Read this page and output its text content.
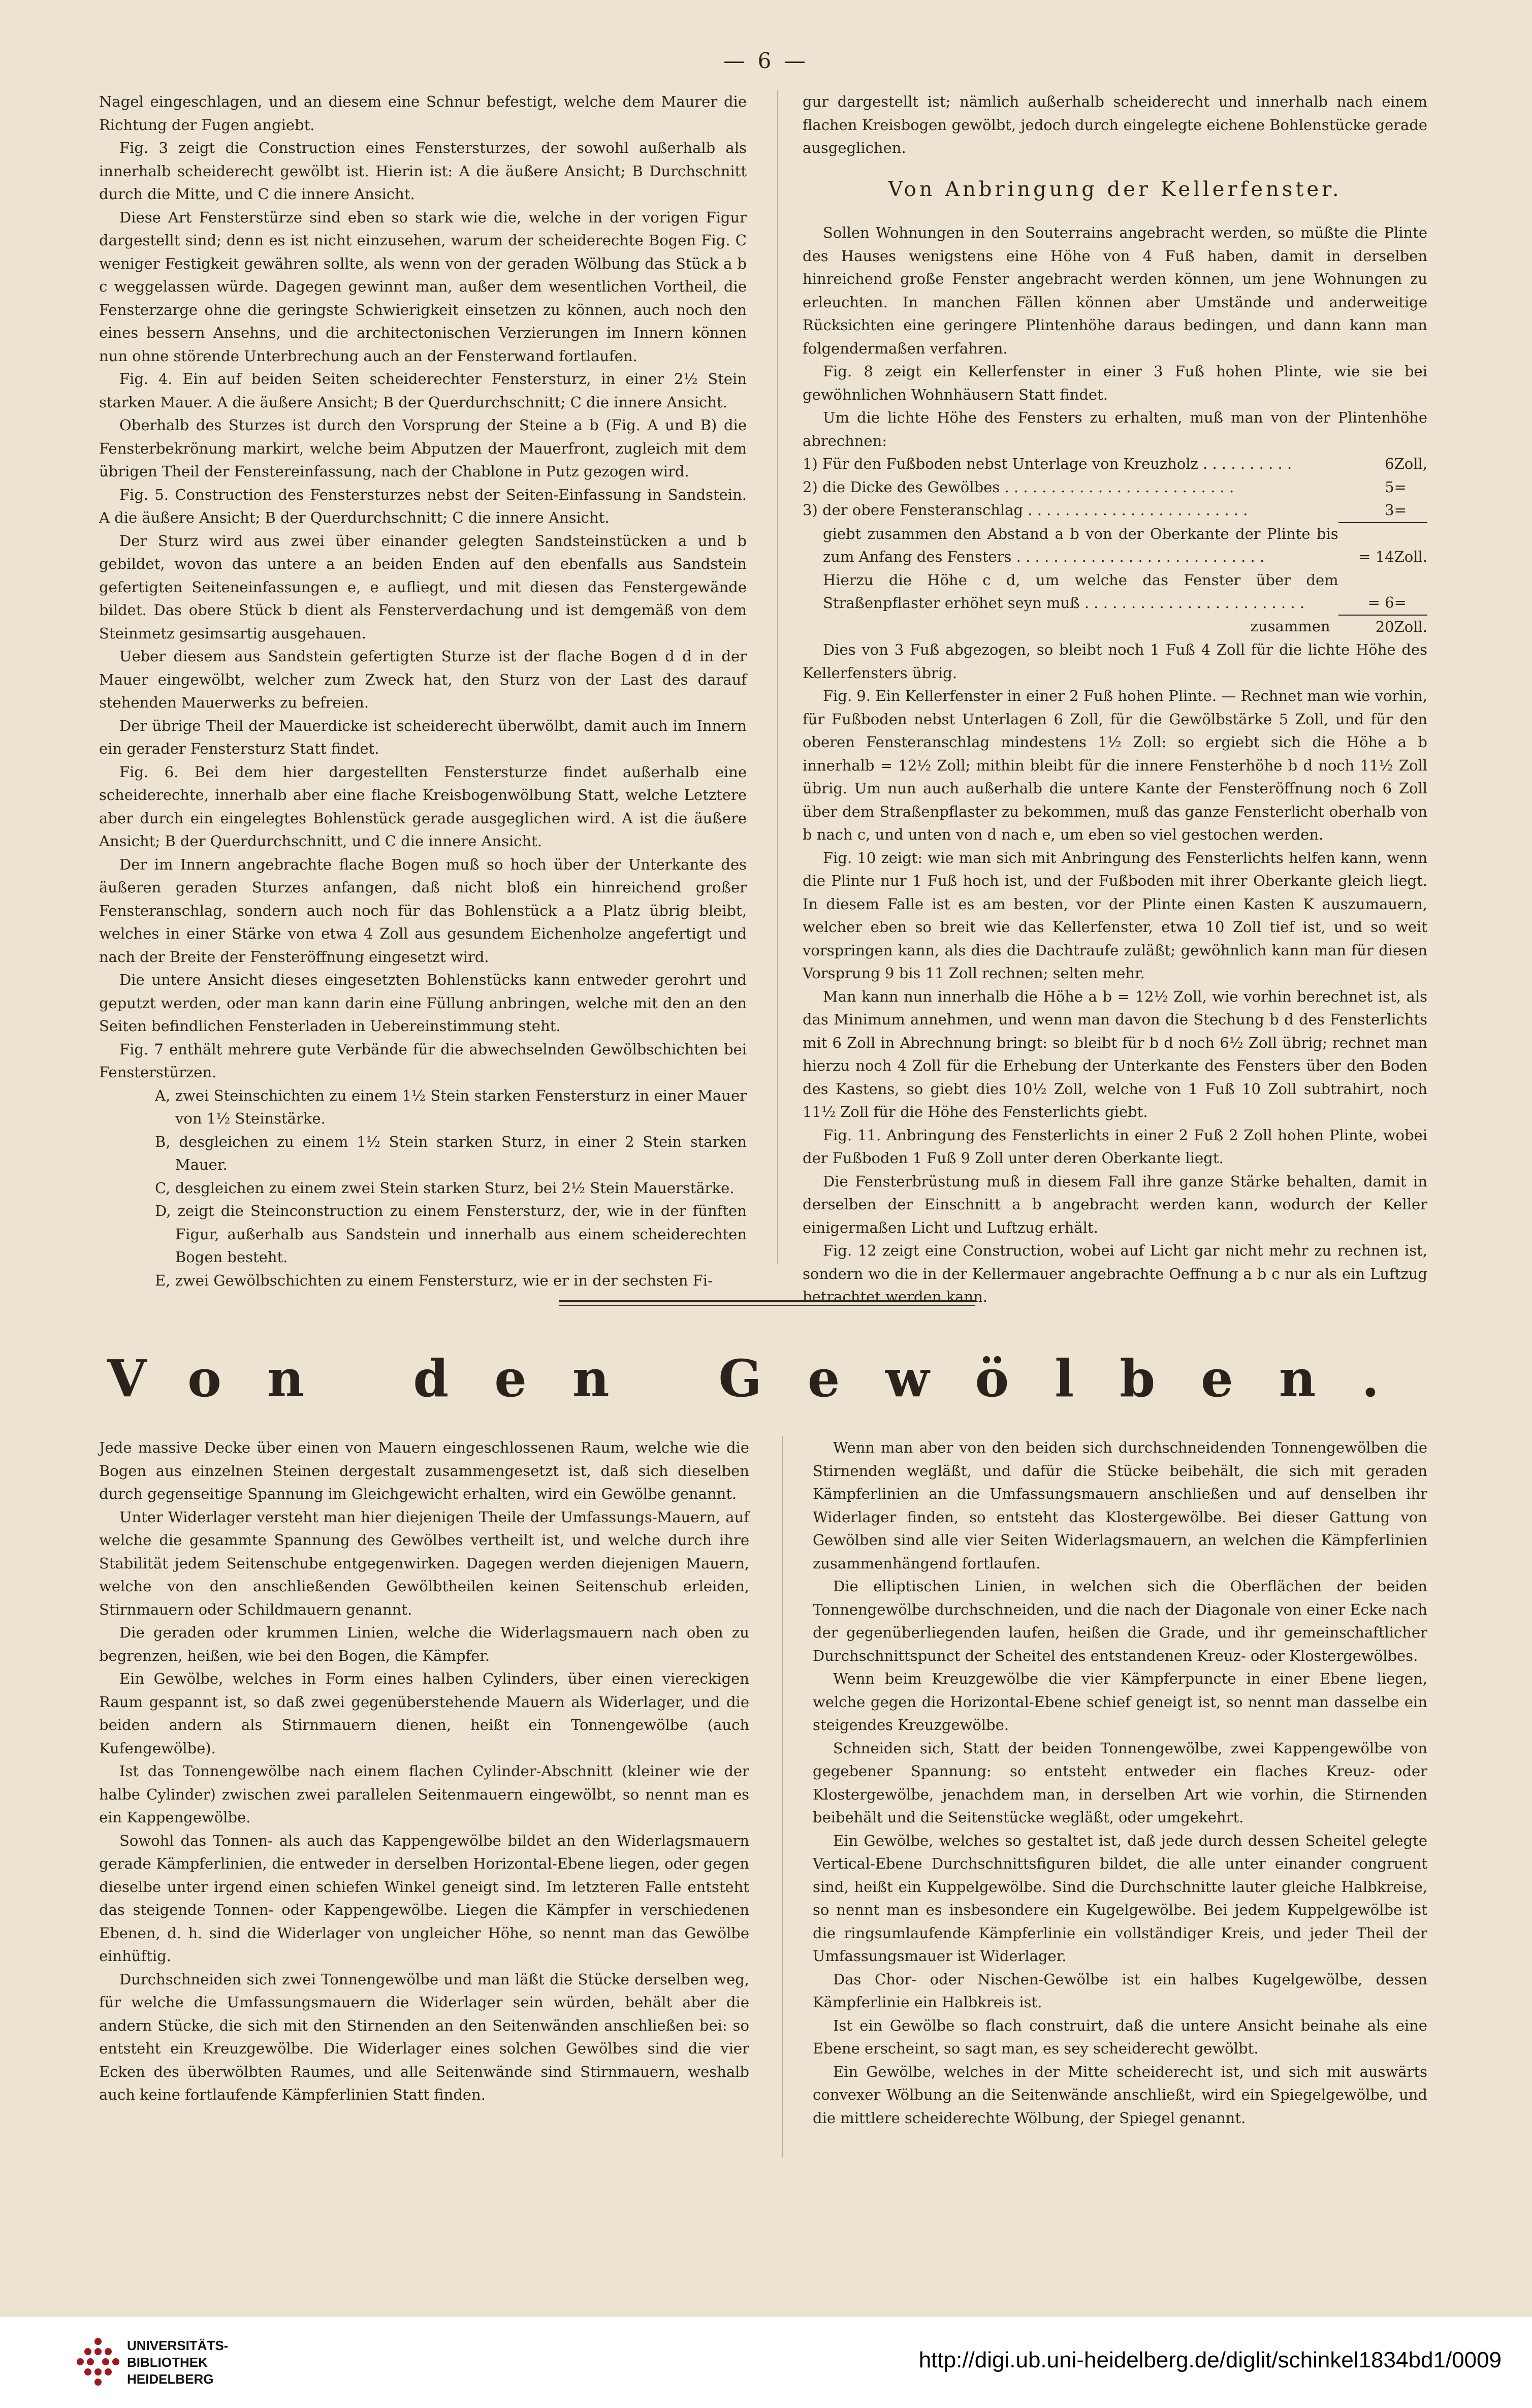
— 6 —

Nagel eingeschlagen, und an diesem eine Schnur befestigt, welche dem Maurer die Richtung der Fugen angiebt.

Fig. 3 zeigt die Construction eines Fenstersturzes, der sowohl außerhalb als innerhalb scheiderecht gewölbt ist. Hierin ist: A die äußere Ansicht; B Durchschnitt durch die Mitte, und C die innere Ansicht.

Diese Art Fensterstürze sind eben so stark wie die, welche in der vorigen Figur dargestellt sind; denn es ist nicht einzusehen, warum der scheiderechte Bogen Fig. C weniger Festigkeit gewähren sollte, als wenn von der geraden Wölbung das Stück a b c weggelassen würde. Dagegen gewinnt man, außer dem wesentlichen Vortheil, die Fensterzarge ohne die geringste Schwierigkeit einsetzen zu können, auch noch den eines bessern Ansehns, und die architectonischen Verzierungen im Innern können nun ohne störende Unterbrechung auch an der Fensterwand fortlaufen.

Fig. 4. Ein auf beiden Seiten scheiderechter Fenstersturz, in einer 2½ Stein starken Mauer. A die äußere Ansicht; B der Querdurchschnitt; C die innere Ansicht.

Oberhalb des Sturzes ist durch den Vorsprung der Steine a b (Fig. A und B) die Fensterbekrönung markirt, welche beim Abputzen der Mauerfront, zugleich mit dem übrigen Theil der Fenstereinfassung, nach der Chablone in Putz gezogen wird.

Fig. 5. Construction des Fenstersturzes nebst der Seiten-Einfassung in Sandstein. A die äußere Ansicht; B der Querdurchschnitt; C die innere Ansicht.

Der Sturz wird aus zwei über einander gelegten Sandsteinstücken a und b gebildet, wovon das untere a an beiden Enden auf den ebenfalls aus Sandstein gefertigten Seiteneinfassungen e, e aufliegt, und mit diesen das Fenstergewände bildet. Das obere Stück b dient als Fensterverdachung und ist demgemäß von dem Steinmetz gesimsartig ausgehauen.

Ueber diesem aus Sandstein gefertigten Sturze ist der flache Bogen d d in der Mauer eingewölbt, welcher zum Zweck hat, den Sturz von der Last des darauf stehenden Mauerwerks zu befreien.

Der übrige Theil der Mauerdicke ist scheiderecht überwölbt, damit auch im Innern ein gerader Fenstersturz Statt findet.

Fig. 6. Bei dem hier dargestellten Fenstersturze findet außerhalb eine scheiderechte, innerhalb aber eine flache Kreisbogenwölbung Statt, welche Letztere aber durch ein eingelegtes Bohlenstück gerade ausgeglichen wird. A ist die äußere Ansicht; B der Querdurchschnitt, und C die innere Ansicht.

Der im Innern angebrachte flache Bogen muß so hoch über der Unterkante des äußeren geraden Sturzes anfangen, daß nicht bloß ein hinreichend großer Fensteranschlag, sondern auch noch für das Bohlenstück a a Platz übrig bleibt, welches in einer Stärke von etwa 4 Zoll aus gesundem Eichenholze angefertigt und nach der Breite der Fensteröffnung eingesetzt wird.

Die untere Ansicht dieses eingesetzten Bohlenstücks kann entweder gerohrt und geputzt werden, oder man kann darin eine Füllung anbringen, welche mit den an den Seiten befindlichen Fensterladen in Uebereinstimmung steht.

Fig. 7 enthält mehrere gute Verbände für die abwechselnden Gewölbschichten bei Fensterstürzen.

A, zwei Steinschichten zu einem 1½ Stein starken Fenstersturz in einer Mauer von 1½ Steinstärke.

B, desgleichen zu einem 1½ Stein starken Sturz, in einer 2 Stein starken Mauer.

C, desgleichen zu einem zwei Stein starken Sturz, bei 2½ Stein Mauerstärke.

D, zeigt die Steinconstruction zu einem Fenstersturz, der, wie in der fünften Figur, außerhalb aus Sandstein und innerhalb aus einem scheiderechten Bogen besteht.

E, zwei Gewölbschichten zu einem Fenstersturz, wie er in der sechsten Fi-

gur dargestellt ist; nämlich außerhalb scheiderecht und innerhalb nach einem flachen Kreisbogen gewölbt, jedoch durch eingelegte eichene Bohlenstücke gerade ausgeglichen.

Von Anbringung der Kellerfenster.

Sollen Wohnungen in den Souterrains angebracht werden, so müßte die Plinte des Hauses wenigstens eine Höhe von 4 Fuß haben, damit in derselben hinreichend große Fenster angebracht werden können, um jene Wohnungen zu erleuchten. In manchen Fällen können aber Umstände und anderweitige Rücksichten eine geringere Plintenhöhe daraus bedingen, und dann kann man folgendermaßen verfahren.

Fig. 8 zeigt ein Kellerfenster in einer 3 Fuß hohen Plinte, wie sie bei gewöhnlichen Wohnhäusern Statt findet.

Um die lichte Höhe des Fensters zu erhalten, muß man von der Plintenhöhe abrechnen:

1) Für den Fußboden nebst Unterlage von Kreuzholz . . . . . . . . . .	6	Zoll,
2) die Dicke des Gewölbes . . . . . . . . . . . . . . . . . . . . . . . . .	5	=
3) der obere Fensteranschlag . . . . . . . . . . . . . . . . . . . . . . . .	3	=
giebt zusammen den Abstand a b von der Oberkante der Plinte bis zum Anfang des Fensters . . . . . . . . . . . . . . . . . . . . . . . . . . .	= 14	Zoll.
Hierzu die Höhe c d, um welche das Fenster über dem Straßenpflaster erhöhet seyn muß . . . . . . . . . . . . . . . . . . . . . . . .	= 6	=
zusammen	20	Zoll.

Dies von 3 Fuß abgezogen, so bleibt noch 1 Fuß 4 Zoll für die lichte Höhe des Kellerfensters übrig.

Fig. 9. Ein Kellerfenster in einer 2 Fuß hohen Plinte. — Rechnet man wie vorhin, für Fußboden nebst Unterlagen 6 Zoll, für die Gewölbstärke 5 Zoll, und für den oberen Fensteranschlag mindestens 1½ Zoll: so ergiebt sich die Höhe a b innerhalb = 12½ Zoll; mithin bleibt für die innere Fensterhöhe b d noch 11½ Zoll übrig. Um nun auch außerhalb die untere Kante der Fensteröffnung noch 6 Zoll über dem Straßenpflaster zu bekommen, muß das ganze Fensterlicht oberhalb von b nach c, und unten von d nach e, um eben so viel gestochen werden.

Fig. 10 zeigt: wie man sich mit Anbringung des Fensterlichts helfen kann, wenn die Plinte nur 1 Fuß hoch ist, und der Fußboden mit ihrer Oberkante gleich liegt. In diesem Falle ist es am besten, vor der Plinte einen Kasten K auszumauern, welcher eben so breit wie das Kellerfenster, etwa 10 Zoll tief ist, und so weit vorspringen kann, als dies die Dachtraufe zuläßt; gewöhnlich kann man für diesen Vorsprung 9 bis 11 Zoll rechnen; selten mehr.

Man kann nun innerhalb die Höhe a b = 12½ Zoll, wie vorhin berechnet ist, als das Minimum annehmen, und wenn man davon die Stechung b d des Fensterlichts mit 6 Zoll in Abrechnung bringt: so bleibt für b d noch 6½ Zoll übrig; rechnet man hierzu noch 4 Zoll für die Erhebung der Unterkante des Fensters über den Boden des Kastens, so giebt dies 10½ Zoll, welche von 1 Fuß 10 Zoll subtrahirt, noch 11½ Zoll für die Höhe des Fensterlichts giebt.

Fig. 11. Anbringung des Fensterlichts in einer 2 Fuß 2 Zoll hohen Plinte, wobei der Fußboden 1 Fuß 9 Zoll unter deren Oberkante liegt.

Die Fensterbrüstung muß in diesem Fall ihre ganze Stärke behalten, damit in derselben der Einschnitt a b angebracht werden kann, wodurch der Keller einigermaßen Licht und Luftzug erhält.

Fig. 12 zeigt eine Construction, wobei auf Licht gar nicht mehr zu rechnen ist, sondern wo die in der Kellermauer angebrachte Oeffnung a b c nur als ein Luftzug betrachtet werden kann.

Von den Gewölben.

Jede massive Decke über einen von Mauern eingeschlossenen Raum, welche wie die Bogen aus einzelnen Steinen dergestalt zusammengesetzt ist, daß sich dieselben durch gegenseitige Spannung im Gleichgewicht erhalten, wird ein Gewölbe genannt.

Unter Widerlager versteht man hier diejenigen Theile der Umfassungs-Mauern, auf welche die gesammte Spannung des Gewölbes vertheilt ist, und welche durch ihre Stabilität jedem Seitenschube entgegenwirken. Dagegen werden diejenigen Mauern, welche von den anschließenden Gewölbtheilen keinen Seitenschub erleiden, Stirnmauern oder Schildmauern genannt.

Die geraden oder krummen Linien, welche die Widerlagsmauern nach oben zu begrenzen, heißen, wie bei den Bogen, die Kämpfer.

Ein Gewölbe, welches in Form eines halben Cylinders, über einen viereckigen Raum gespannt ist, so daß zwei gegenüberstehende Mauern als Widerlager, und die beiden andern als Stirnmauern dienen, heißt ein Tonnengewölbe (auch Kufengewölbe).

Ist das Tonnengewölbe nach einem flachen Cylinder-Abschnitt (kleiner wie der halbe Cylinder) zwischen zwei parallelen Seitenmauern eingewölbt, so nennt man es ein Kappengewölbe.

Sowohl das Tonnen- als auch das Kappengewölbe bildet an den Widerlagsmauern gerade Kämpferlinien, die entweder in derselben Horizontal-Ebene liegen, oder gegen dieselbe unter irgend einen schiefen Winkel geneigt sind. Im letzteren Falle entsteht das steigende Tonnen- oder Kappengewölbe. Liegen die Kämpfer in verschiedenen Ebenen, d. h. sind die Widerlager von ungleicher Höhe, so nennt man das Gewölbe einhüftig.

Durchschneiden sich zwei Tonnengewölbe und man läßt die Stücke derselben weg, für welche die Umfassungsmauern die Widerlager sein würden, behält aber die andern Stücke, die sich mit den Stirnenden an den Seitenwänden anschließen bei: so entsteht ein Kreuzgewölbe. Die Widerlager eines solchen Gewölbes sind die vier Ecken des überwölbten Raumes, und alle Seitenwände sind Stirnmauern, weshalb auch keine fortlaufende Kämpferlinien Statt finden.

Wenn man aber von den beiden sich durchschneidenden Tonnengewölben die Stirnenden wegläßt, und dafür die Stücke beibehält, die sich mit geraden Kämpferlinien an die Umfassungsmauern anschließen und auf denselben ihr Widerlager finden, so entsteht das Klostergewölbe. Bei dieser Gattung von Gewölben sind alle vier Seiten Widerlagsmauern, an welchen die Kämpferlinien zusammenhängend fortlaufen.

Die elliptischen Linien, in welchen sich die Oberflächen der beiden Tonnengewölbe durchschneiden, und die nach der Diagonale von einer Ecke nach der gegenüberliegenden laufen, heißen die Grade, und ihr gemeinschaftlicher Durchschnittspunct der Scheitel des entstandenen Kreuz- oder Klostergewölbes.

Wenn beim Kreuzgewölbe die vier Kämpferpuncte in einer Ebene liegen, welche gegen die Horizontal-Ebene schief geneigt ist, so nennt man dasselbe ein steigendes Kreuzgewölbe.

Schneiden sich, Statt der beiden Tonnengewölbe, zwei Kappengewölbe von gegebener Spannung: so entsteht entweder ein flaches Kreuz- oder Klostergewölbe, jenachdem man, in derselben Art wie vorhin, die Stirnenden beibehält und die Seitenstücke wegläßt, oder umgekehrt.

Ein Gewölbe, welches so gestaltet ist, daß jede durch dessen Scheitel gelegte Vertical-Ebene Durchschnittsfiguren bildet, die alle unter einander congruent sind, heißt ein Kuppelgewölbe. Sind die Durchschnitte lauter gleiche Halbkreise, so nennt man es insbesondere ein Kugelgewölbe. Bei jedem Kuppelgewölbe ist die ringsumlaufende Kämpferlinie ein vollständiger Kreis, und jeder Theil der Umfassungsmauer ist Widerlager.

Das Chor- oder Nischen-Gewölbe ist ein halbes Kugelgewölbe, dessen Kämpferlinie ein Halbkreis ist.

Ist ein Gewölbe so flach construirt, daß die untere Ansicht beinahe als eine Ebene erscheint, so sagt man, es sey scheiderecht gewölbt.

Ein Gewölbe, welches in der Mitte scheiderecht ist, und sich mit auswärts convexer Wölbung an die Seitenwände anschließt, wird ein Spiegelgewölbe, und die mittlere scheiderechte Wölbung, der Spiegel genannt.

UNIVERSITÄTS-
BIBLIOTHEK
HEIDELBERG
http://digi.ub.uni-heidelberg.de/diglit/schinkel1834bd1/0009
